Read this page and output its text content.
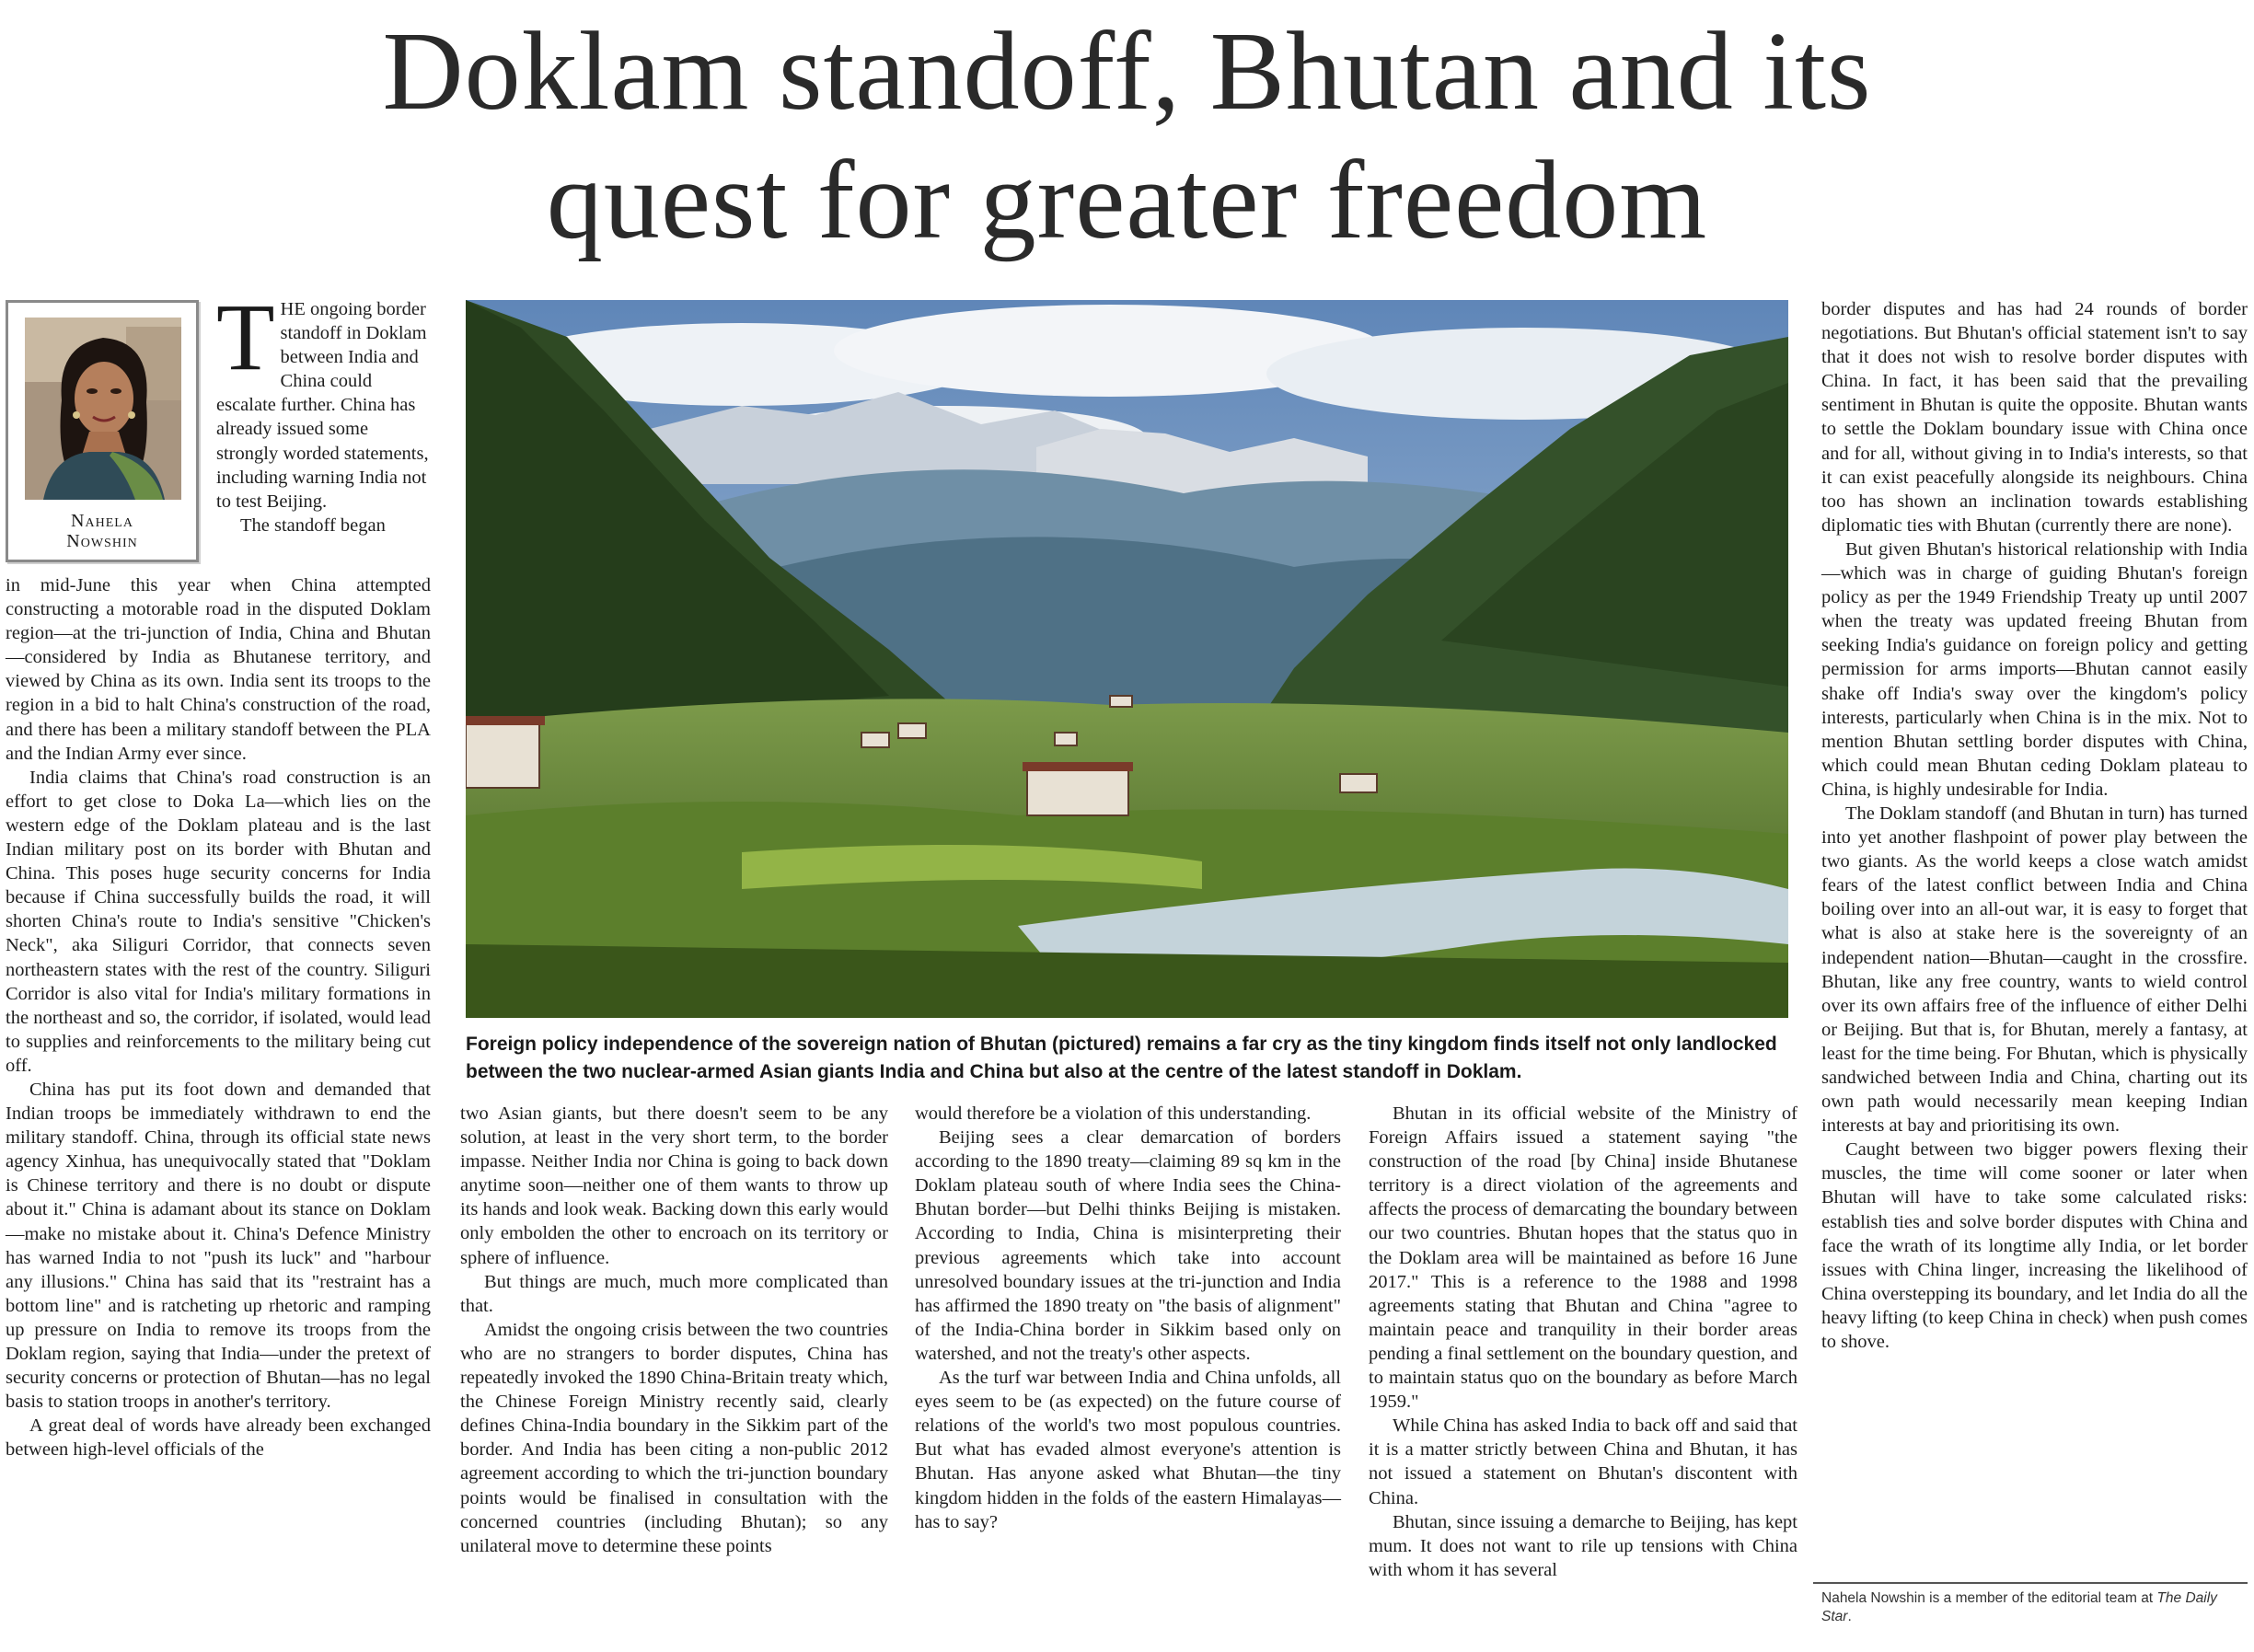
Doklam standoff, Bhutan and its
quest for greater freedom
Nahela
Nowshin

THE ongoing border standoff in Doklam between India and China could escalate further. China has already issued some strongly worded statements, including warning India not to test Beijing.

The standoff began

in mid-June this year when China attempted constructing a motorable road in the disputed Doklam region—at the tri-junction of India, China and Bhutan—considered by India as Bhutanese territory, and viewed by China as its own. India sent its troops to the region in a bid to halt China's construction of the road, and there has been a military standoff between the PLA and the Indian Army ever since.

India claims that China's road construction is an effort to get close to Doka La—which lies on the western edge of the Doklam plateau and is the last Indian military post on its border with Bhutan and China. This poses huge security concerns for India because if China successfully builds the road, it will shorten China's route to India's sensitive "Chicken's Neck", aka Siliguri Corridor, that connects seven northeastern states with the rest of the country. Siliguri Corridor is also vital for India's military formations in the northeast and so, the corridor, if isolated, would lead to supplies and reinforcements to the military being cut off.

China has put its foot down and demanded that Indian troops be immediately withdrawn to end the military standoff. China, through its official state news agency Xinhua, has unequivocally stated that "Doklam is Chinese territory and there is no doubt or dispute about it." China is adamant about its stance on Doklam—make no mistake about it. China's Defence Ministry has warned India to not "push its luck" and "harbour any illusions." China has said that its "restraint has a bottom line" and is ratcheting up rhetoric and ramping up pressure on India to remove its troops from the Doklam region, saying that India—under the pretext of security concerns or protection of Bhutan—has no legal basis to station troops in another's territory.

A great deal of words have already been exchanged between high-level officials of the

Foreign policy independence of the sovereign nation of Bhutan (pictured) remains a far cry as the tiny kingdom finds itself not only landlocked between the two nuclear-armed Asian giants India and China but also at the centre of the latest standoff in Doklam.

two Asian giants, but there doesn't seem to be any solution, at least in the very short term, to the border impasse. Neither India nor China is going to back down anytime soon—neither one of them wants to throw up its hands and look weak. Backing down this early would only embolden the other to encroach on its territory or sphere of influence.

But things are much, much more complicated than that.

Amidst the ongoing crisis between the two countries who are no strangers to border disputes, China has repeatedly invoked the 1890 China-Britain treaty which, the Chinese Foreign Ministry recently said, clearly defines China-India boundary in the Sikkim part of the border. And India has been citing a non-public 2012 agreement according to which the tri-junction boundary points would be finalised in consultation with the concerned countries (including Bhutan); so any unilateral move to determine these points

would therefore be a violation of this understanding.

Beijing sees a clear demarcation of borders according to the 1890 treaty—claiming 89 sq km in the Doklam plateau south of where India sees the China-Bhutan border—but Delhi thinks Beijing is mistaken. According to India, China is misinterpreting their previous agreements which take into account unresolved boundary issues at the tri-junction and India has affirmed the 1890 treaty on "the basis of alignment" of the India-China border in Sikkim based only on watershed, and not the treaty's other aspects.

As the turf war between India and China unfolds, all eyes seem to be (as expected) on the future course of relations of the world's two most populous countries. But what has evaded almost everyone's attention is Bhutan. Has anyone asked what Bhutan—the tiny kingdom hidden in the folds of the eastern Himalayas—has to say?

Bhutan in its official website of the Ministry of Foreign Affairs issued a statement saying "the construction of the road [by China] inside Bhutanese territory is a direct violation of the agreements and affects the process of demarcating the boundary between our two countries. Bhutan hopes that the status quo in the Doklam area will be maintained as before 16 June 2017." This is a reference to the 1988 and 1998 agreements stating that Bhutan and China "agree to maintain peace and tranquility in their border areas pending a final settlement on the boundary question, and to maintain status quo on the boundary as before March 1959."

While China has asked India to back off and said that it is a matter strictly between China and Bhutan, it has not issued a statement on Bhutan's discontent with China.

Bhutan, since issuing a demarche to Beijing, has kept mum. It does not want to rile up tensions with China with whom it has several

border disputes and has had 24 rounds of border negotiations. But Bhutan's official statement isn't to say that it does not wish to resolve border disputes with China. In fact, it has been said that the prevailing sentiment in Bhutan is quite the opposite. Bhutan wants to settle the Doklam boundary issue with China once and for all, without giving in to India's interests, so that it can exist peacefully alongside its neighbours. China too has shown an inclination towards establishing diplomatic ties with Bhutan (currently there are none).

But given Bhutan's historical relationship with India—which was in charge of guiding Bhutan's foreign policy as per the 1949 Friendship Treaty up until 2007 when the treaty was updated freeing Bhutan from seeking India's guidance on foreign policy and getting permission for arms imports—Bhutan cannot easily shake off India's sway over the kingdom's policy interests, particularly when China is in the mix. Not to mention Bhutan settling border disputes with China, which could mean Bhutan ceding Doklam plateau to China, is highly undesirable for India.

The Doklam standoff (and Bhutan in turn) has turned into yet another flashpoint of power play between the two giants. As the world keeps a close watch amidst fears of the latest conflict between India and China boiling over into an all-out war, it is easy to forget that what is also at stake here is the sovereignty of an independent nation—Bhutan—caught in the crossfire. Bhutan, like any free country, wants to wield control over its own affairs free of the influence of either Delhi or Beijing. But that is, for Bhutan, merely a fantasy, at least for the time being. For Bhutan, which is physically sandwiched between India and China, charting out its own path would necessarily mean keeping Indian interests at bay and prioritising its own.

Caught between two bigger powers flexing their muscles, the time will come sooner or later when Bhutan will have to take some calculated risks: establish ties and solve border disputes with China and face the wrath of its longtime ally India, or let border issues with China linger, increasing the likelihood of China overstepping its boundary, and let India do all the heavy lifting (to keep China in check) when push comes to shove.

Nahela Nowshin is a member of the editorial team at The Daily Star.
